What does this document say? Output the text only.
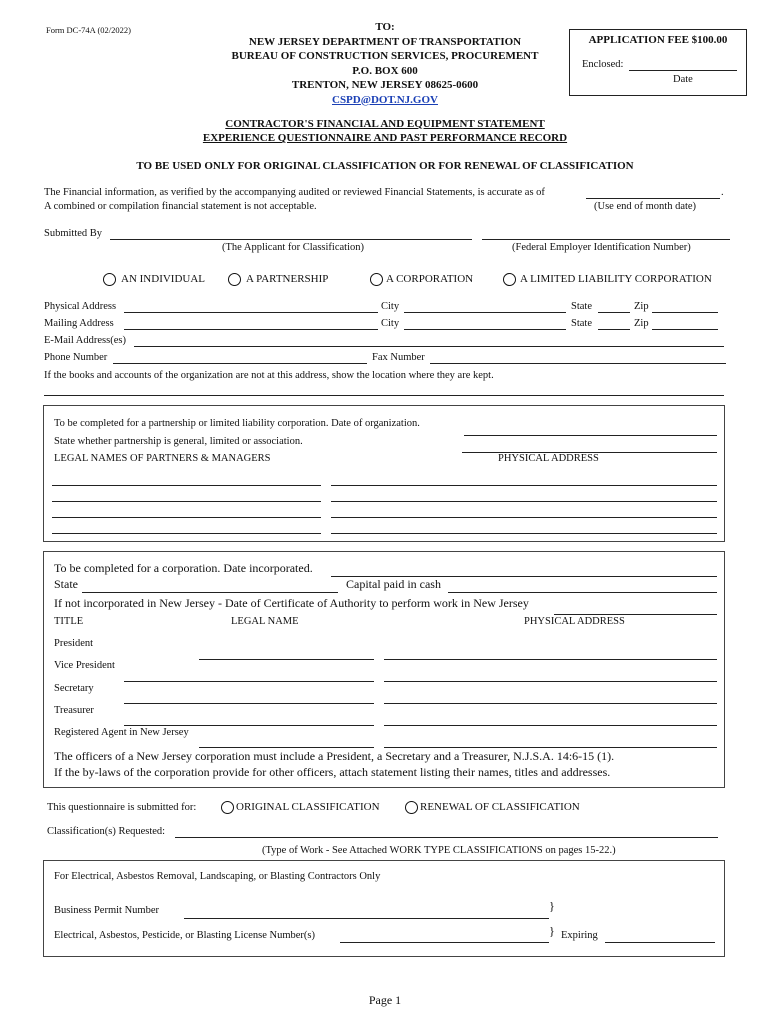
Form DC-74A (02/2022)	TO:
NEW JERSEY DEPARTMENT OF TRANSPORTATION
BUREAU OF CONSTRUCTION SERVICES, PROCUREMENT
P.O. BOX 600
TRENTON, NEW JERSEY 08625-0600
CSPD@DOT.NJ.GOV
APPLICATION FEE $100.00
Enclosed:
Date
CONTRACTOR'S FINANCIAL AND EQUIPMENT STATEMENT
EXPERIENCE QUESTIONNAIRE AND PAST PERFORMANCE RECORD
TO BE USED ONLY FOR ORIGINAL CLASSIFICATION OR FOR RENEWAL OF CLASSIFICATION
The Financial information, as verified by the accompanying audited or reviewed Financial Statements, is accurate as of	.
A combined or compilation financial statement is not acceptable.	(Use end of month date)
Submitted By
(The Applicant for Classification)	(Federal Employer Identification Number)
AN INDIVIDUAL	A PARTNERSHIP	A CORPORATION	A LIMITED LIABILITY CORPORATION
Physical Address	City	State	Zip
Mailing Address	City	State	Zip
E-Mail Address(es)
Phone Number	Fax Number
If the books and accounts of the organization are not at this address, show the location where they are kept.
To be completed for a partnership or limited liability corporation. Date of organization.
State whether partnership is general, limited or association.
LEGAL NAMES OF PARTNERS & MANAGERS	PHYSICAL ADDRESS
To be completed for a corporation. Date incorporated.
State	Capital paid in cash
If not incorporated in New Jersey - Date of Certificate of Authority to perform work in New Jersey
TITLE	LEGAL NAME	PHYSICAL ADDRESS
President
Vice President
Secretary
Treasurer
Registered Agent in New Jersey
The officers of a New Jersey corporation must include a President, a Secretary and a Treasurer, N.J.S.A. 14:6-15 (1).
If the by-laws of the corporation provide for other officers, attach statement listing their names, titles and addresses.
This questionnaire is submitted for:	ORIGINAL CLASSIFICATION	RENEWAL OF CLASSIFICATION
Classification(s) Requested:
(Type of Work - See Attached WORK TYPE CLASSIFICATIONS on pages 15-22.)
For Electrical, Asbestos Removal, Landscaping, or Blasting Contractors Only
Business Permit Number	}
Electrical, Asbestos, Pesticide, or Blasting License Number(s)	} Expiring
Page 1
